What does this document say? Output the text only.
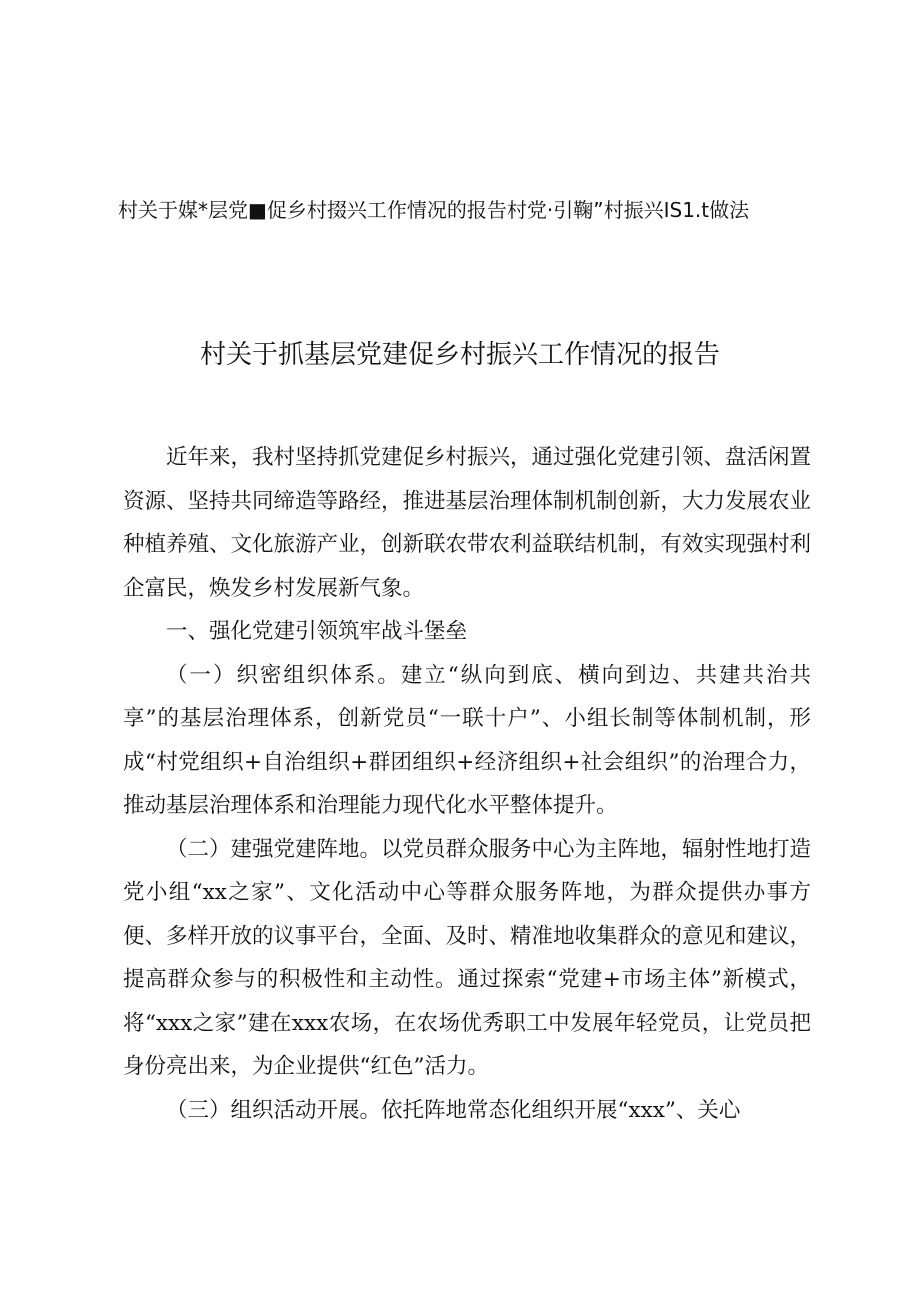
村关于媒*层党■促乡村掇兴工作情况的报告村党·引鞠”村振兴IS1.t做法
村关于抓基层党建促乡村振兴工作情况的报告

近年来，我村坚持抓党建促乡村振兴，通过强化党建引领、盘活闲置资源、坚持共同缔造等路经，推进基层治理体制机制创新，大力发展农业种植养殖、文化旅游产业，创新联农带农利益联结机制，有效实现强村利企富民，焕发乡村发展新气象。

一、强化党建引领筑牢战斗堡垒

（一）织密组织体系。建立“纵向到底、横向到边、共建共治共享”的基层治理体系，创新党员“一联十户”、小组长制等体制机制，形成“村党组织+自治组织+群团组织+经济组织+社会组织”的治理合力，推动基层治理体系和治理能力现代化水平整体提升。

（二）建强党建阵地。以党员群众服务中心为主阵地，辐射性地打造党小组“xx之家”、文化活动中心等群众服务阵地，为群众提供办事方便、多样开放的议事平台，全面、及时、精准地收集群众的意见和建议，提高群众参与的积极性和主动性。通过探索“党建+市场主体”新模式，将“xxx之家”建在xxx农场，在农场优秀职工中发展年轻党员，让党员把身份亮出来，为企业提供“红色”活力。

（三）组织活动开展。依托阵地常态化组织开展“xxx”、关心
